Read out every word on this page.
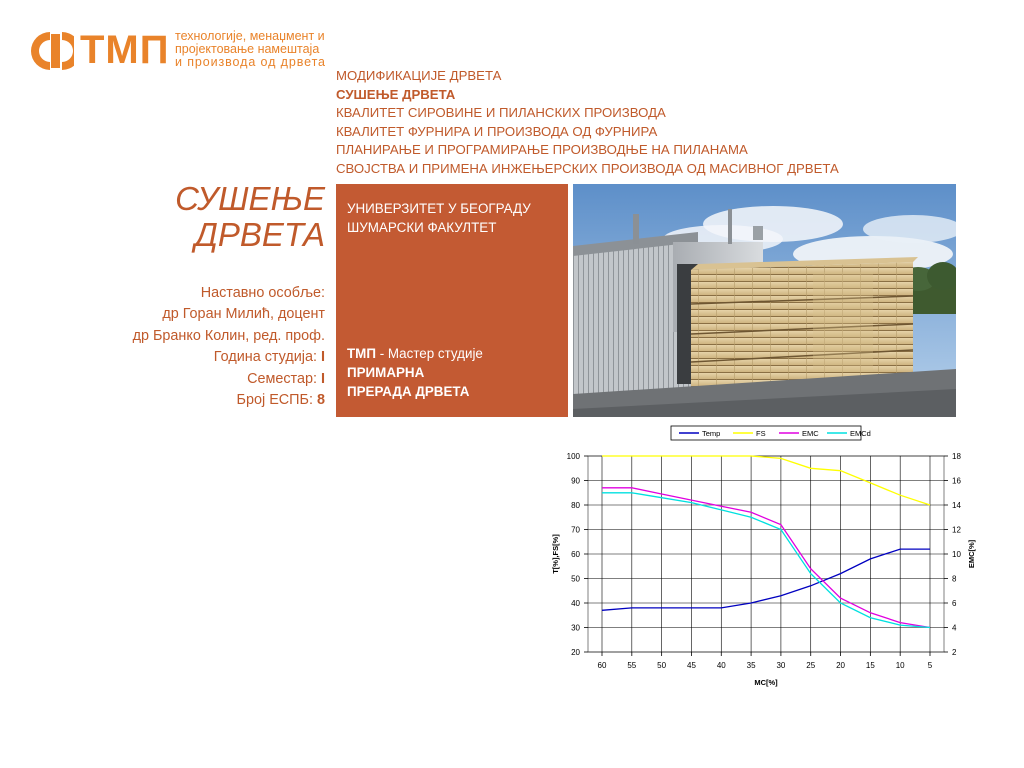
ТМП технологије, менаџмент и
пројектовање намештаја
и производа од дрвета
МОДИФИКАЦИЈЕ ДРВЕТА
СУШЕЊЕ ДРВЕТА
КВАЛИТЕТ СИРОВИНЕ И ПИЛАНСКИХ ПРОИЗВОДА
КВАЛИТЕТ ФУРНИРА И ПРОИЗВОДА ОД ФУРНИРА
ПЛАНИРАЊЕ И ПРОГРАМИРАЊЕ ПРОИЗВОДЊЕ НА ПИЛАНАМА
СВОЈСТВА И ПРИМЕНА ИНЖЕЊЕРСКИХ ПРОИЗВОДА ОД МАСИВНОГ ДРВЕТА
СУШЕЊЕ
ДРВЕТА
Наставно особље:
др Горан Милић, доцент
др Бранко Колин, ред. проф.
Година студија: I
Семестар: I
Број ЕСПБ: 8
УНИВЕРЗИТЕТ У БЕОГРАДУ
ШУМАРСКИ ФАКУЛТЕТ
ТМП - Мастер студије
ПРИМАРНА
ПРЕРАДА ДРВЕТА
20
30
40
50
60
70
80
90
100
2
4
6
8
10
12
14
16
18
60	55	50	45	40	35	30	25	20	15	10	5
MC[%]
T[%],FS[%]	EMC[%]
Temp	FS	EMC	EMCd
